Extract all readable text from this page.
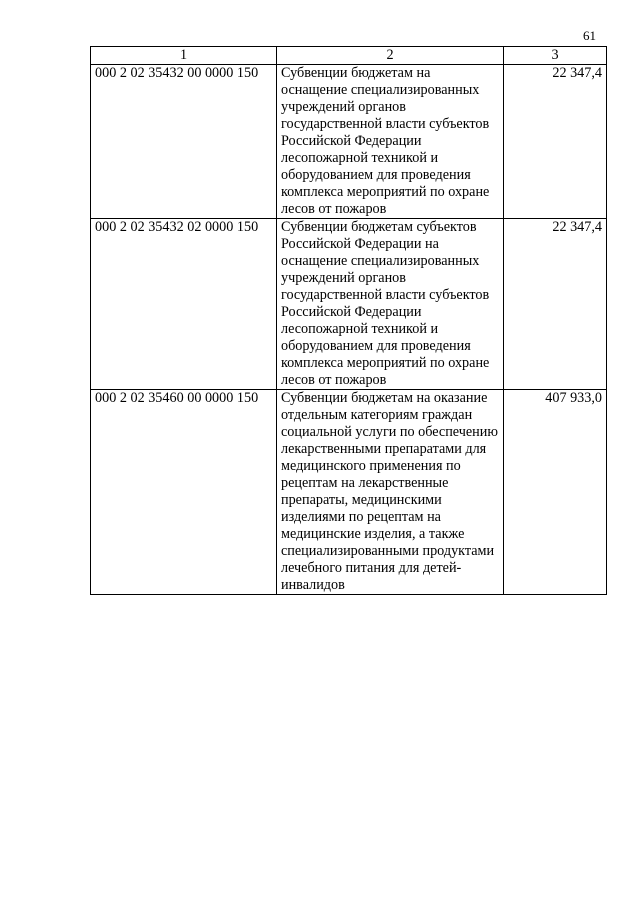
61
1	2	3
000 2 02 35432 00 0000 150	Субвенции бюджетам на оснащение специализированных учреждений органов государственной власти субъектов Российской Федерации лесопожарной техникой и оборудованием для проведения комплекса мероприятий по охране лесов от пожаров	22 347,4
000 2 02 35432 02 0000 150	Субвенции бюджетам субъектов Российской Федерации на оснащение специализированных учреждений органов государственной власти субъектов Российской Федерации лесопожарной техникой и оборудованием для проведения комплекса мероприятий по охране лесов от пожаров	22 347,4
000 2 02 35460 00 0000 150	Субвенции бюджетам на оказание отдельным категориям граждан социальной услуги по обеспечению лекарственными препаратами для медицинского применения по рецептам на лекарственные препараты, медицинскими изделиями по рецептам на медицинские изделия, а также специализированными продуктами лечебного питания для детей-инвалидов	407 933,0
